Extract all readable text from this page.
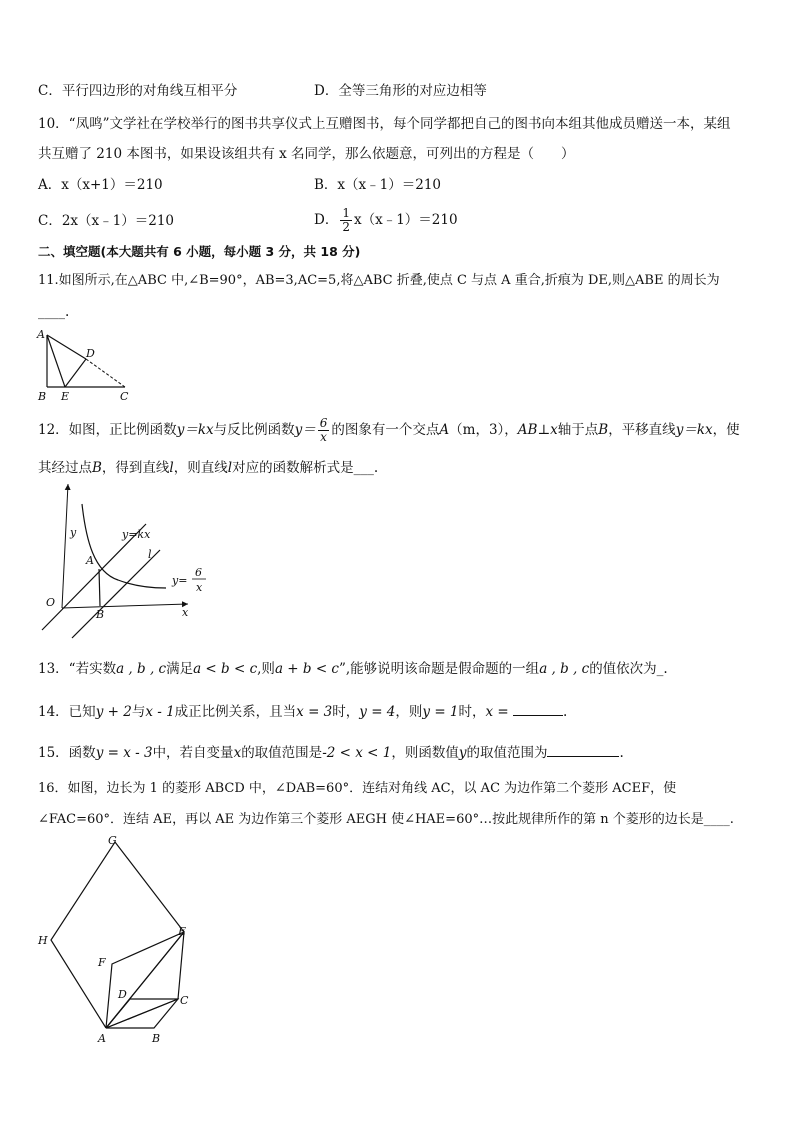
C．平行四边形的对角线互相平分	D．全等三角形的对应边相等
10．“凤鸣”文学社在学校举行的图书共享仪式上互赠图书，每个同学都把自己的图书向本组其他成员赠送一本，某组
共互赠了 210 本图书，如果设该组共有 x 名同学，那么依题意，可列出的方程是（　　）
A．x（x+1）＝210	B．x（x﹣1）＝210
C．2x（x﹣1）＝210	D． $\frac{1}{2}$ x（x﹣1）＝210
二、填空题(本大题共有 6 小题，每小题 3 分，共 18 分)
11.如图所示,在△ABC 中,∠B=90°，AB=3,AC=5,将△ABC 折叠,使点 C 与点 A 重合,折痕为 DE,则△ABE 的周长为
____.
A
B E
D
C
12．如图，正比例函数y＝kx与反比例函数$y= \frac{6}{x}$ 的图象有一个交点A（m，3），AB⊥x轴于点B，平移直线y＝kx，使
其经过点B，得到直线l，则直线l对应的函数解析式是___.
y
O
x
A
B
l
y=kx
y=
6
x
13．“若实数a , b , c满足a < b < c,则a + b < c”,能够说明该命题是假命题的一组a , b , c的值依次为_.
14．已知y + 2与x - 1成正比例关系，且当x = 3时，y = 4，则y = 1时，x =	.
15．函数y = x - 3中，若自变量x的取值范围是-2 < x < 1，则函数值y的取值范围为	.
16．如图，边长为 1 的菱形 ABCD 中，∠DAB=60°．连结对角线 AC，以 AC 为边作第二个菱形 ACEF，使
∠FAC=60°．连结 AE，再以 AE 为边作第三个菱形 AEGH 使∠HAE=60°…按此规律所作的第 n 个菱形的边长是____.
G
H
E
F
D	C
A	B
